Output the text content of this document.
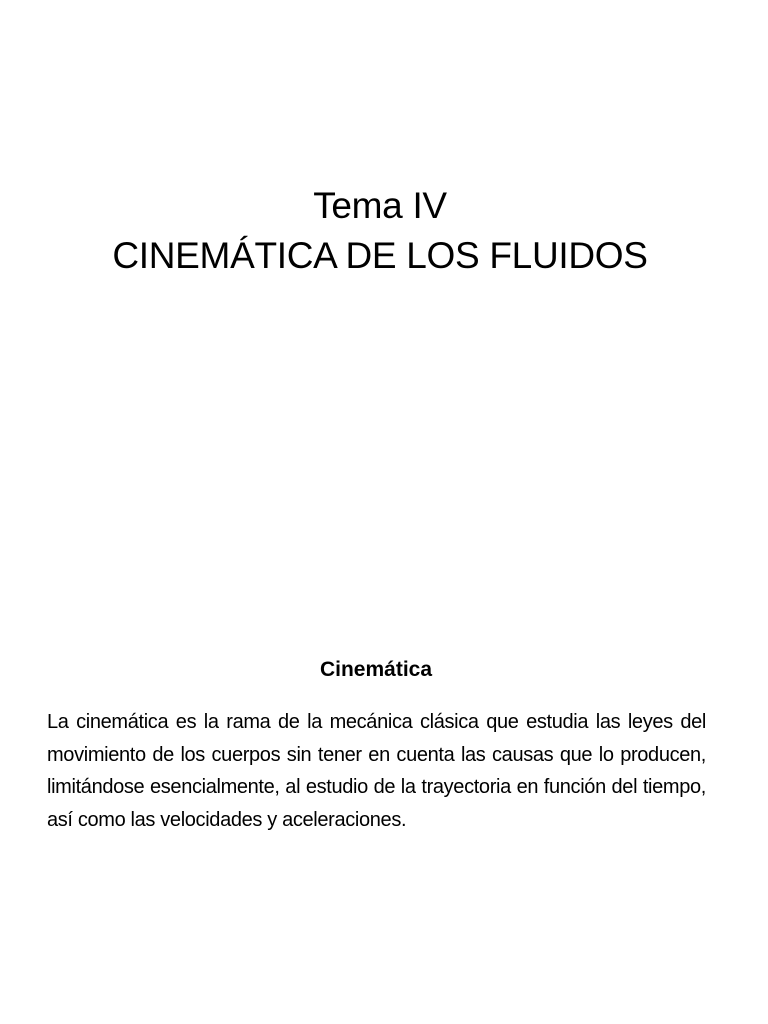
Tema IV
CINEMÁTICA DE LOS FLUIDOS
Cinemática

La cinemática es la rama de la mecánica clásica que estudia las leyes del movimiento de los cuerpos sin tener en cuenta las causas que lo producen, limitándose esencialmente, al estudio de la trayectoria en función del tiempo, así como las velocidades y aceleraciones.
